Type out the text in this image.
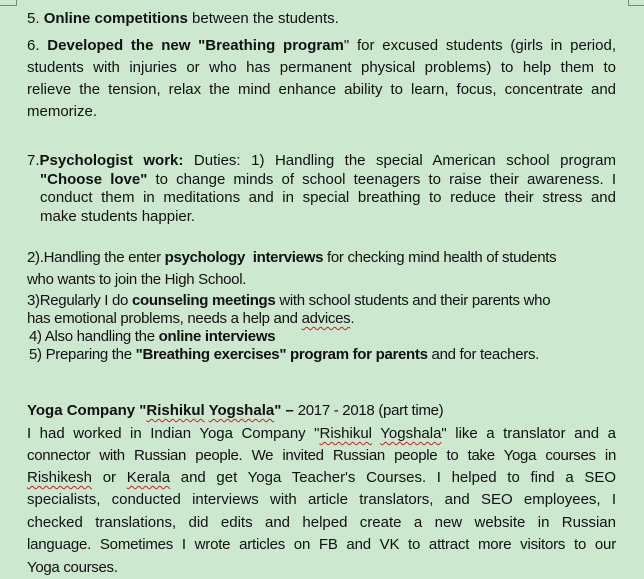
5. Online competitions between the students.
6. Developed the new "Breathing program" for excused students (girls in period,
students with injuries or who has permanent physical problems) to help them to
relieve the tension, relax the mind enhance ability to learn, focus, concentrate and
memorize.
7.Psychologist work: Duties: 1) Handling the special American school program
"Choose love" to change minds of school teenagers to raise their awareness. I
conduct them in meditations and in special breathing to reduce their stress and
make students happier.
2).Handling the enter psychology  interviews for checking mind health of students
who wants to join the High School.
3)Regularly I do counseling meetings with school students and their parents who
has emotional problems, needs a help and advices.
4) Also handling the online interviews
5) Preparing the "Breathing exercises" program for parents and for teachers.
Yoga Company "Rishikul Yogshala" – 2017 - 2018 (part time)
I had worked in Indian Yoga Company "Rishikul Yogshala" like a translator and a
connector with Russian people. We invited Russian people to take Yoga courses in
Rishikesh or Kerala and get Yoga Teacher's Courses. I helped to find a SEO
specialists, conducted interviews with article translators, and SEO employees, I
checked translations, did edits and helped create a new website in Russian
language. Sometimes I wrote articles on FB and VK to attract more visitors to our
Yoga courses.
